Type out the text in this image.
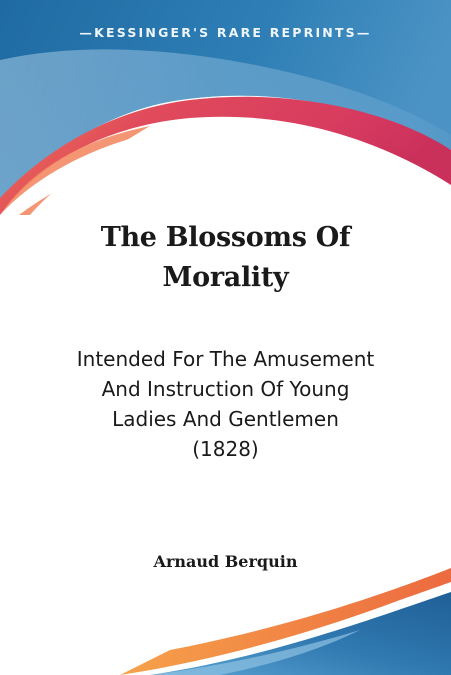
—KESSINGER'S RARE REPRINTS—
The Blossoms Of
Morality
Intended For The Amusement
And Instruction Of Young
Ladies And Gentlemen
(1828)
Arnaud Berquin
